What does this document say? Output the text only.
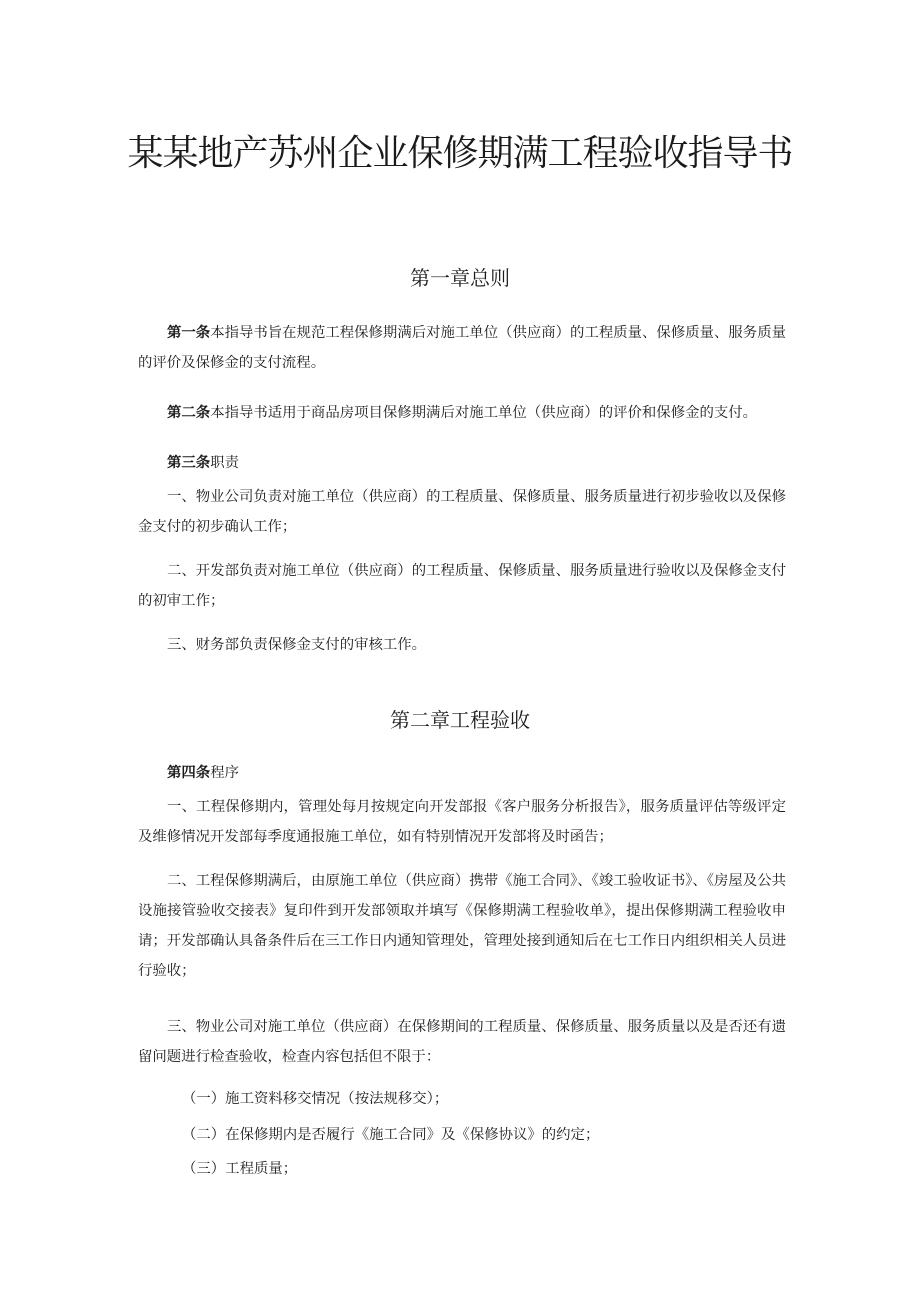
某某地产苏州企业保修期满工程验收指导书
第一章总则

第一条本指导书旨在规范工程保修期满后对施工单位（供应商）的工程质量、保修质量、服务质量的评价及保修金的支付流程。

第二条本指导书适用于商品房项目保修期满后对施工单位（供应商）的评价和保修金的支付。

第三条职责

一、物业公司负责对施工单位（供应商）的工程质量、保修质量、服务质量进行初步验收以及保修金支付的初步确认工作；

二、开发部负责对施工单位（供应商）的工程质量、保修质量、服务质量进行验收以及保修金支付的初审工作；

三、财务部负责保修金支付的审核工作。

第二章工程验收

第四条程序

一、工程保修期内，管理处每月按规定向开发部报《客户服务分析报告》，服务质量评估等级评定及维修情况开发部每季度通报施工单位，如有特别情况开发部将及时函告；

二、工程保修期满后，由原施工单位（供应商）携带《施工合同》、《竣工验收证书》、《房屋及公共设施接管验收交接表》复印件到开发部领取并填写《保修期满工程验收单》，提出保修期满工程验收申请；开发部确认具备条件后在三工作日内通知管理处，管理处接到通知后在七工作日内组织相关人员进行验收；

三、物业公司对施工单位（供应商）在保修期间的工程质量、保修质量、服务质量以及是否还有遗留问题进行检查验收，检查内容包括但不限于：

（一）施工资料移交情况（按法规移交）；

（二）在保修期内是否履行《施工合同》及《保修协议》的约定；

（三）工程质量；
